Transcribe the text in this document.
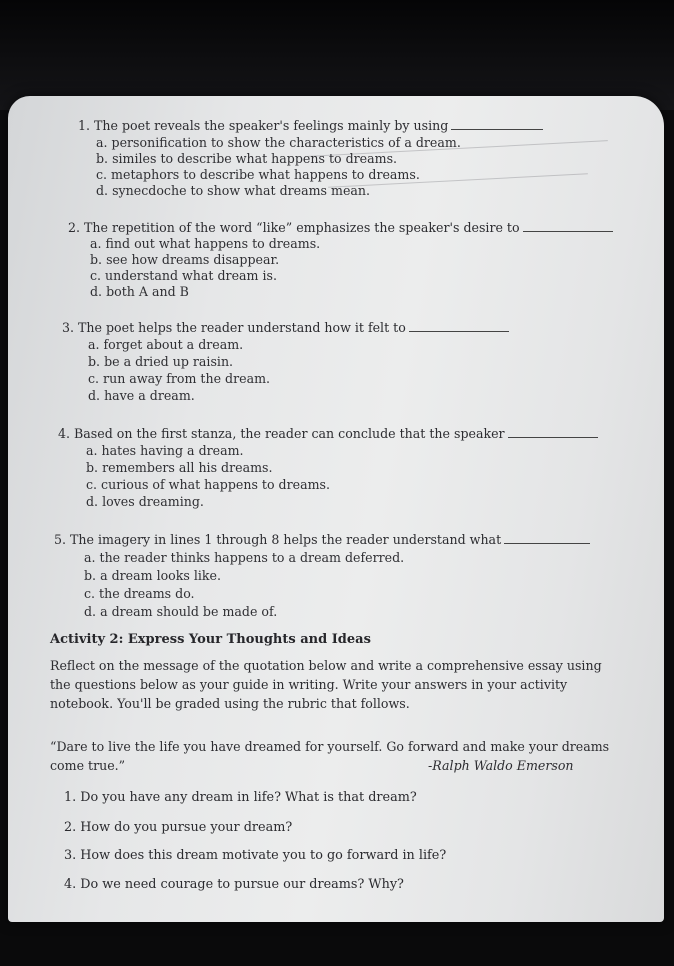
1. The poet reveals the speaker's feelings mainly by using
a. personification to show the characteristics of a dream.
b. similes to describe what happens to dreams.
c. metaphors to describe what happens to dreams.
d. synecdoche to show what dreams mean.
2. The repetition of the word “like” emphasizes the speaker's desire to
a. find out what happens to dreams.
b. see how dreams disappear.
c. understand what dream is.
d. both A and B
3. The poet helps the reader understand how it felt to
a. forget about a dream.
b. be a dried up raisin.
c. run away from the dream.
d. have a dream.
4. Based on the first stanza, the reader can conclude that the speaker
a. hates having a dream.
b. remembers all his dreams.
c. curious of what happens to dreams.
d. loves dreaming.
5. The imagery in lines 1 through 8 helps the reader understand what
a. the reader thinks happens to a dream deferred.
b. a dream looks like.
c. the dreams do.
d. a dream should be made of.
Activity 2: Express Your Thoughts and Ideas
Reflect on the message of the quotation below and write a comprehensive essay using
the questions below as your guide in writing. Write your answers in your activity
notebook. You'll be graded using the rubric that follows.
“Dare to live the life you have dreamed for yourself. Go forward and make your dreams
come true.”	-Ralph Waldo Emerson
1. Do you have any dream in life? What is that dream?
2. How do you pursue your dream?
3. How does this dream motivate you to go forward in life?
4. Do we need courage to pursue our dreams? Why?
